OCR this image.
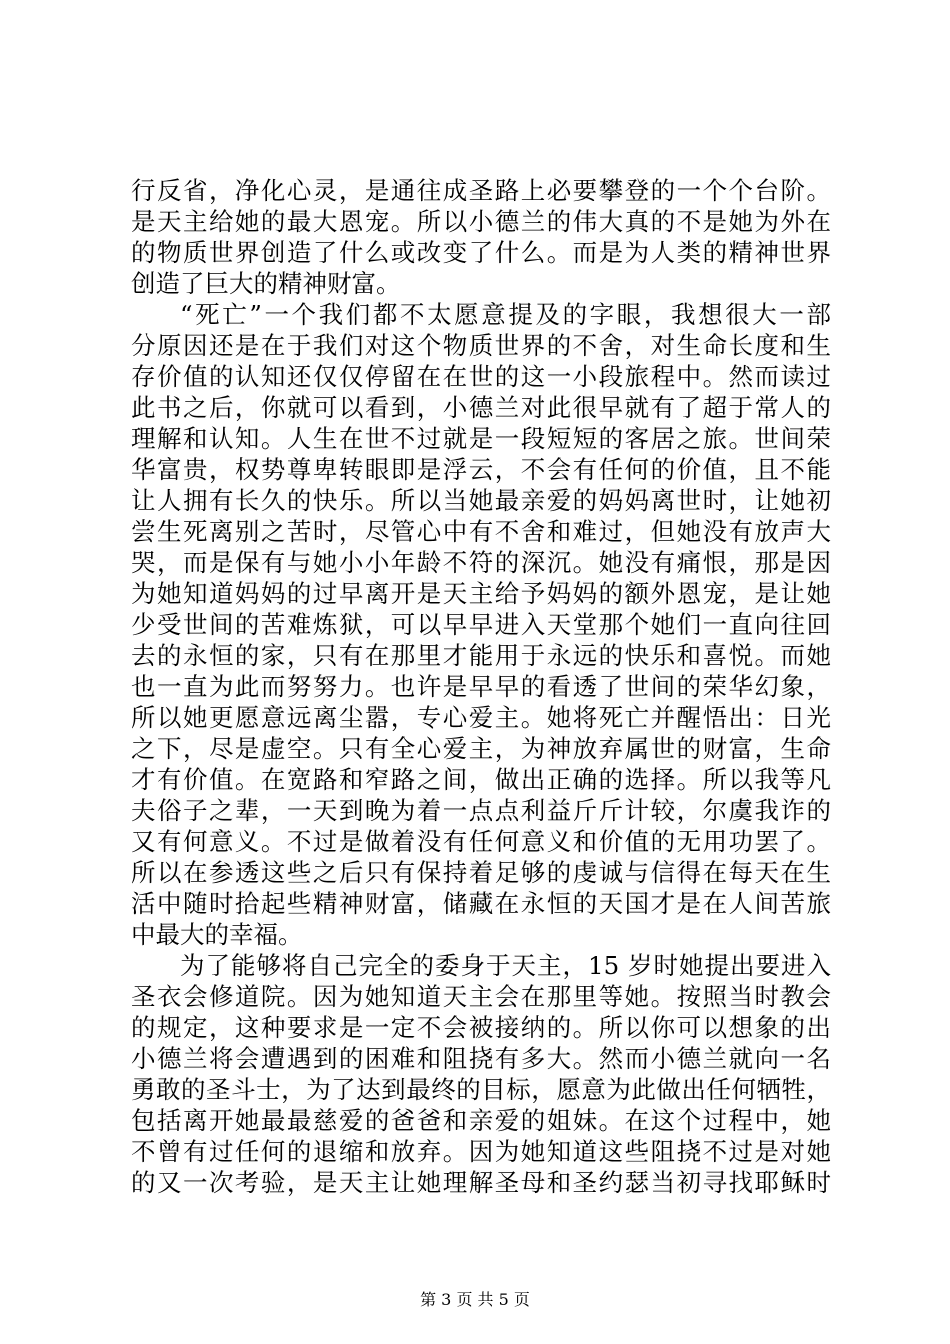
行反省，净化心灵，是通往成圣路上必要攀登的一个个台阶。
是天主给她的最大恩宠。所以小德兰的伟大真的不是她为外在
的物质世界创造了什么或改变了什么。而是为人类的精神世界
创造了巨大的精神财富。
“死亡”一个我们都不太愿意提及的字眼，我想很大一部
分原因还是在于我们对这个物质世界的不舍，对生命长度和生
存价值的认知还仅仅停留在在世的这一小段旅程中。然而读过
此书之后，你就可以看到，小德兰对此很早就有了超于常人的
理解和认知。人生在世不过就是一段短短的客居之旅。世间荣
华富贵，权势尊卑转眼即是浮云，不会有任何的价值，且不能
让人拥有长久的快乐。所以当她最亲爱的妈妈离世时，让她初
尝生死离别之苦时，尽管心中有不舍和难过，但她没有放声大
哭，而是保有与她小小年龄不符的深沉。她没有痛恨，那是因
为她知道妈妈的过早离开是天主给予妈妈的额外恩宠，是让她
少受世间的苦难炼狱，可以早早进入天堂那个她们一直向往回
去的永恒的家，只有在那里才能用于永远的快乐和喜悦。而她
也一直为此而努努力。也许是早早的看透了世间的荣华幻象，
所以她更愿意远离尘嚣，专心爱主。她将死亡并醒悟出：日光
之下，尽是虚空。只有全心爱主，为神放弃属世的财富，生命
才有价值。在宽路和窄路之间，做出正确的选择。所以我等凡
夫俗子之辈，一天到晚为着一点点利益斤斤计较，尔虞我诈的
又有何意义。不过是做着没有任何意义和价值的无用功罢了。
所以在参透这些之后只有保持着足够的虔诚与信得在每天在生
活中随时拾起些精神财富，储藏在永恒的天国才是在人间苦旅
中最大的幸福。
为了能够将自己完全的委身于天主，15 岁时她提出要进入
圣衣会修道院。因为她知道天主会在那里等她。按照当时教会
的规定，这种要求是一定不会被接纳的。所以你可以想象的出
小德兰将会遭遇到的困难和阻挠有多大。然而小德兰就向一名
勇敢的圣斗士，为了达到最终的目标，愿意为此做出任何牺牲，
包括离开她最最慈爱的爸爸和亲爱的姐妹。在这个过程中，她
不曾有过任何的退缩和放弃。因为她知道这些阻挠不过是对她
的又一次考验，是天主让她理解圣母和圣约瑟当初寻找耶稣时
第 3 页 共 5 页
